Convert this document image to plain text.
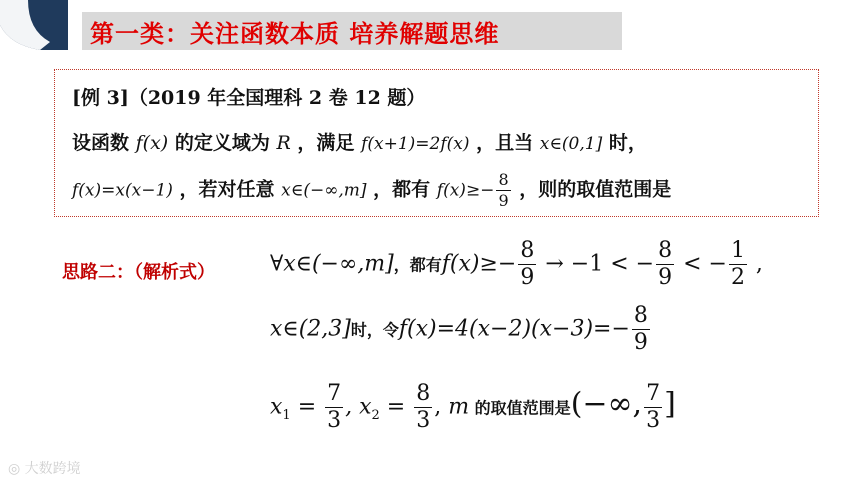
第一类：关注函数本质 培养解题思维
[例 3]（2019 年全国理科 2 卷 12 题）
设函数 f(x) 的定义域为 R ，满足 f(x+1)=2f(x) ，且当 x∈(0,1] 时，
f(x)=x(x−1) ，若对任意 x∈(−∞,m] ，都有 $f(x)\ge- \frac{8}{9}$ ，则的取值范围是
思路二：（解析式）	∀x∈(−∞,m]，都有$f(x)\ge- \frac{8}{9} \to -1$ < − $\frac{8}{9}$ < − $\frac{1}{2}$ ,
x∈(2,3]时，令$f(x)=4(x-2)(x-3)=- \frac{8}{9}$
$x_1 = \frac{7}{3}$ , $x_2 = \frac{8}{3}$ , m 的取值范围是(−∞, $\frac{7}{3}$ ]
◎ 大数跨境
